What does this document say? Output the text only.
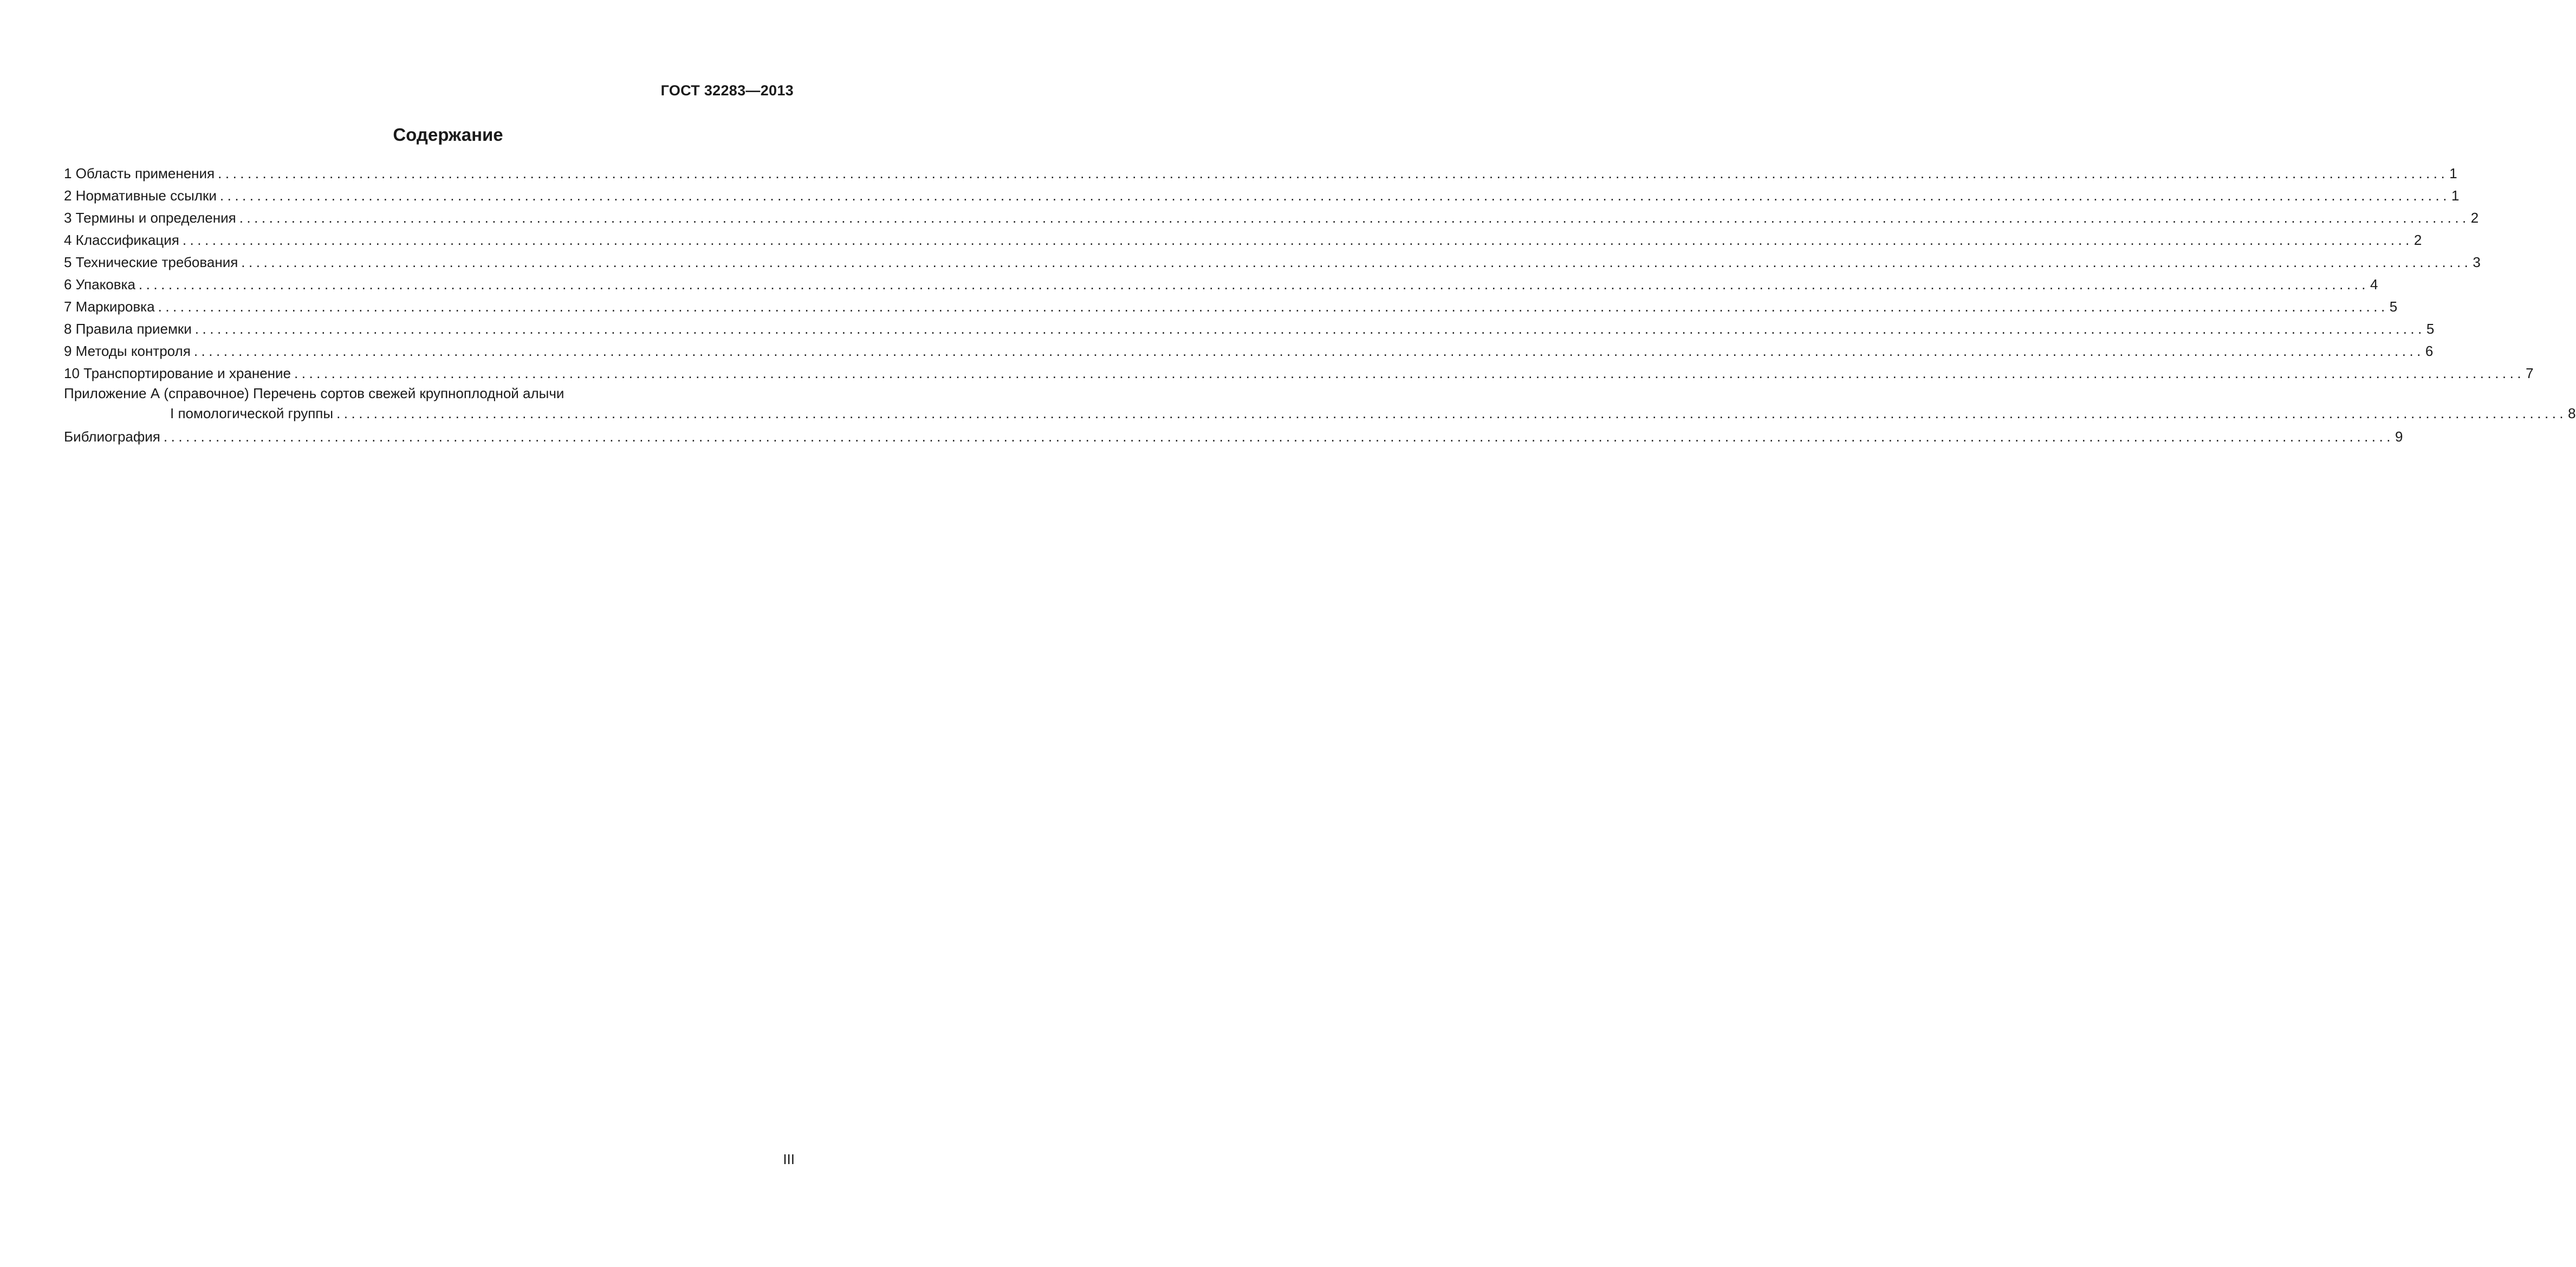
ГОСТ 32283—2013
Содержание
1 Область применения ............................................................................................................................................................................................................................................................................................................ 1
2 Нормативные ссылки ............................................................................................................................................................................................................................................................................................................ 1
3 Термины и определения ............................................................................................................................................................................................................................................................................................................ 2
4 Классификация ............................................................................................................................................................................................................................................................................................................ 2
5 Технические требования ............................................................................................................................................................................................................................................................................................................ 3
6 Упаковка ............................................................................................................................................................................................................................................................................................................ 4
7 Маркировка ............................................................................................................................................................................................................................................................................................................ 5
8 Правила приемки ............................................................................................................................................................................................................................................................................................................ 5
9 Методы контроля ............................................................................................................................................................................................................................................................................................................ 6
10 Транспортирование и хранение ............................................................................................................................................................................................................................................................................................................ 7
Приложение А (справочное) Перечень сортов свежей крупноплодной алычи
I помологической группы ............................................................................................................................................................................................................................................................................................................ 8
Библиография ............................................................................................................................................................................................................................................................................................................ 9
III
